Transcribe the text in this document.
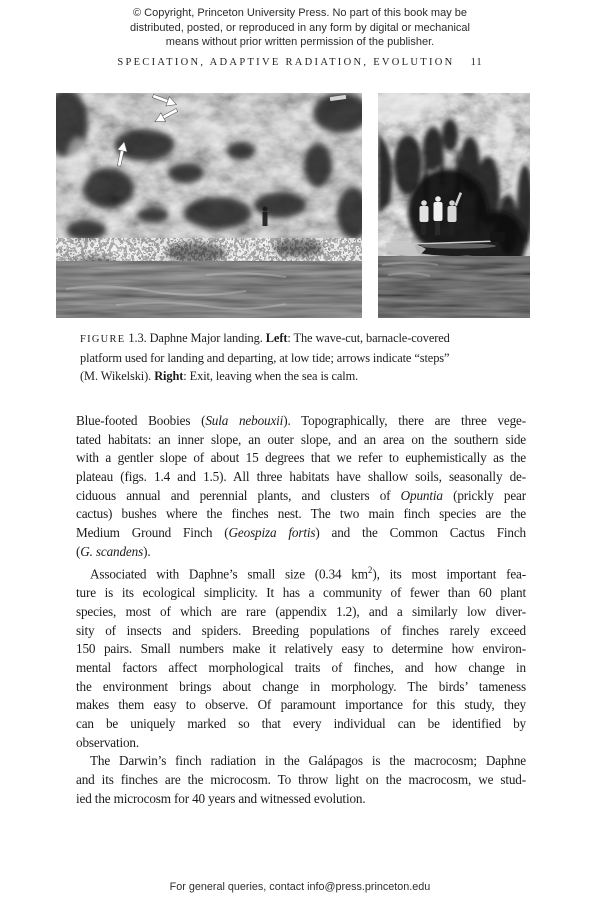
© Copyright, Princeton University Press. No part of this book may be
distributed, posted, or reproduced in any form by digital or mechanical
means without prior written permission of the publisher.
SPECIATION, ADAPTIVE RADIATION, EVOLUTION 11
FIGURE 1.3. Daphne Major landing. Left: The wave-cut, barnacle-covered
platform used for landing and departing, at low tide; arrows indicate “steps”
(M. Wikelski). Right: Exit, leaving when the sea is calm.
Blue-footed Boobies (Sula nebouxii). Topographically, there are three vege-
tated habitats: an inner slope, an outer slope, and an area on the southern side
with a gentler slope of about 15 degrees that we refer to euphemistically as the
plateau (figs. 1.4 and 1.5). All three habitats have shallow soils, seasonally de-
ciduous annual and perennial plants, and clusters of Opuntia (prickly pear
cactus) bushes where the finches nest. The two main finch species are the
Medium Ground Finch (Geospiza fortis) and the Common Cactus Finch
(G. scandens).
Associated with Daphne’s small size (0.34 $km^2$), its most important fea-
ture is its ecological simplicity. It has a community of fewer than 60 plant
species, most of which are rare (appendix 1.2), and a similarly low diver-
sity of insects and spiders. Breeding populations of finches rarely exceed
150 pairs. Small numbers make it relatively easy to determine how environ-
mental factors affect morphological traits of finches, and how change in
the environment brings about change in morphology. The birds’ tameness
makes them easy to observe. Of paramount importance for this study, they
can be uniquely marked so that every individual can be identified by
observation.
The Darwin’s finch radiation in the Galápagos is the macrocosm; Daphne
and its finches are the microcosm. To throw light on the macrocosm, we stud-
ied the microcosm for 40 years and witnessed evolution.
For general queries, contact info@press.princeton.edu
